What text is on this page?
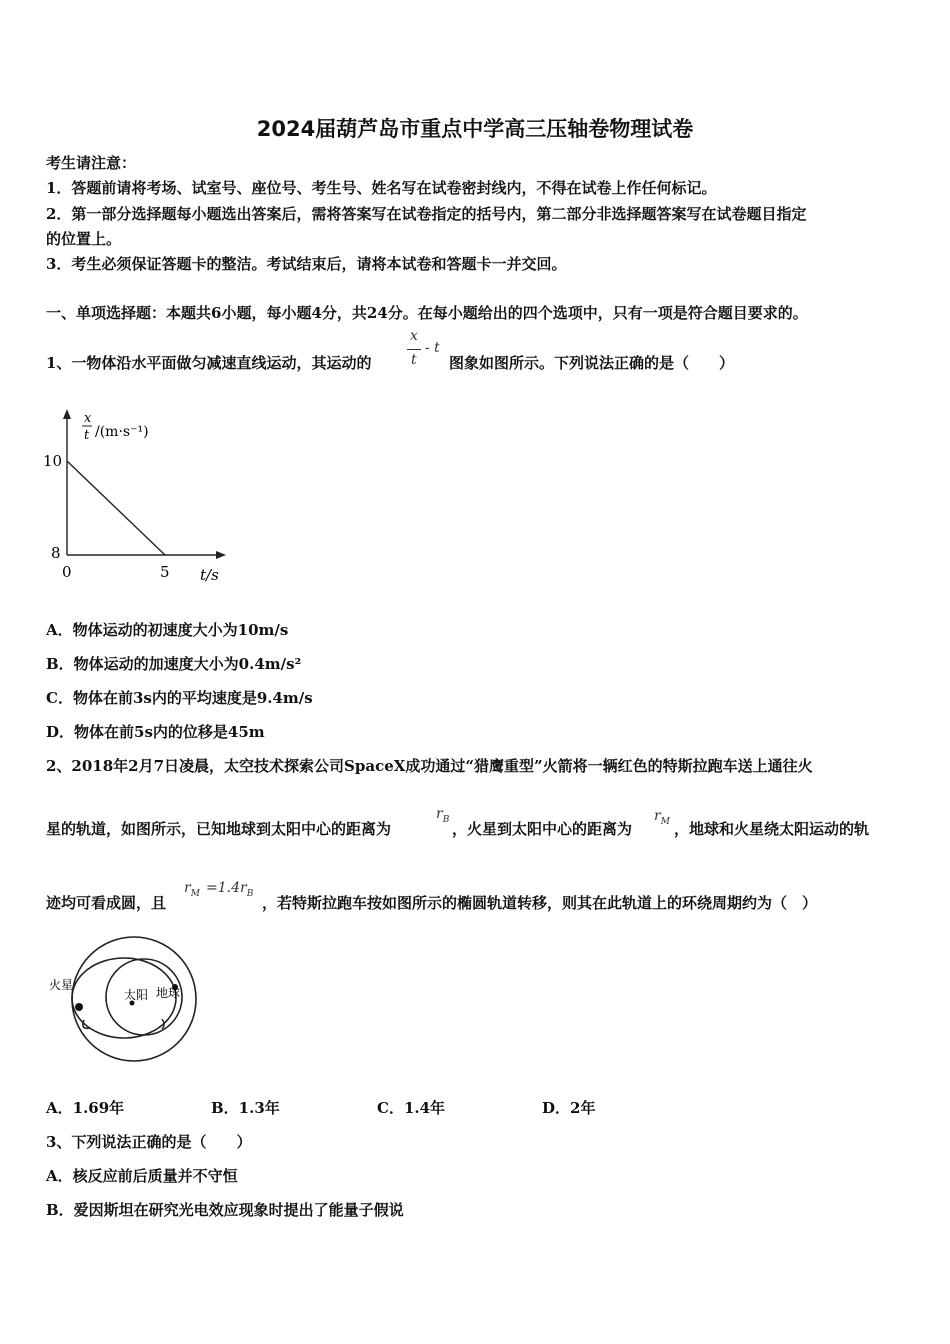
2024届葫芦岛市重点中学高三压轴卷物理试卷
考生请注意：
1．答题前请将考场、试室号、座位号、考生号、姓名写在试卷密封线内，不得在试卷上作任何标记。
2．第一部分选择题每小题选出答案后，需将答案写在试卷指定的括号内，第二部分非选择题答案写在试卷题目指定
的位置上。
3．考生必须保证答题卡的整洁。考试结束后，请将本试卷和答题卡一并交回。
一、单项选择题：本题共6小题，每小题4分，共24分。在每小题给出的四个选项中，只有一项是符合题目要求的。
1、一物体沿水平面做匀减速直线运动，其运动的
x
t
- t
图象如图所示。下列说法正确的是（　　）
x
t /(m·s⁻¹)
10
8
0	5 t/s
A．物体运动的初速度大小为10m/s
B．物体运动的加速度大小为0.4m/s²
C．物体在前3s内的平均速度是9.4m/s
D．物体在前5s内的位移是45m
2、2018年2月7日凌晨，太空技术探索公司SpaceX成功通过“猎鹰重型”火箭将一辆红色的特斯拉跑车送上通往火
星的轨道，如图所示，已知地球到太阳中心的距离为
$r_B$
，火星到太阳中心的距离为
$r_M$ ，地球和火星绕太阳运动的轨
迹均可看成圆，且
$r_M =1.4r_B$
，若特斯拉跑车按如图所示的椭圆轨道转移，则其在此轨道上的环绕周期约为（　）
火星
太阳 地球
A．1.69年	B．1.3年	C．1.4年	D．2年
3、下列说法正确的是（　　）
A．核反应前后质量并不守恒
B．爱因斯坦在研究光电效应现象时提出了能量子假说
